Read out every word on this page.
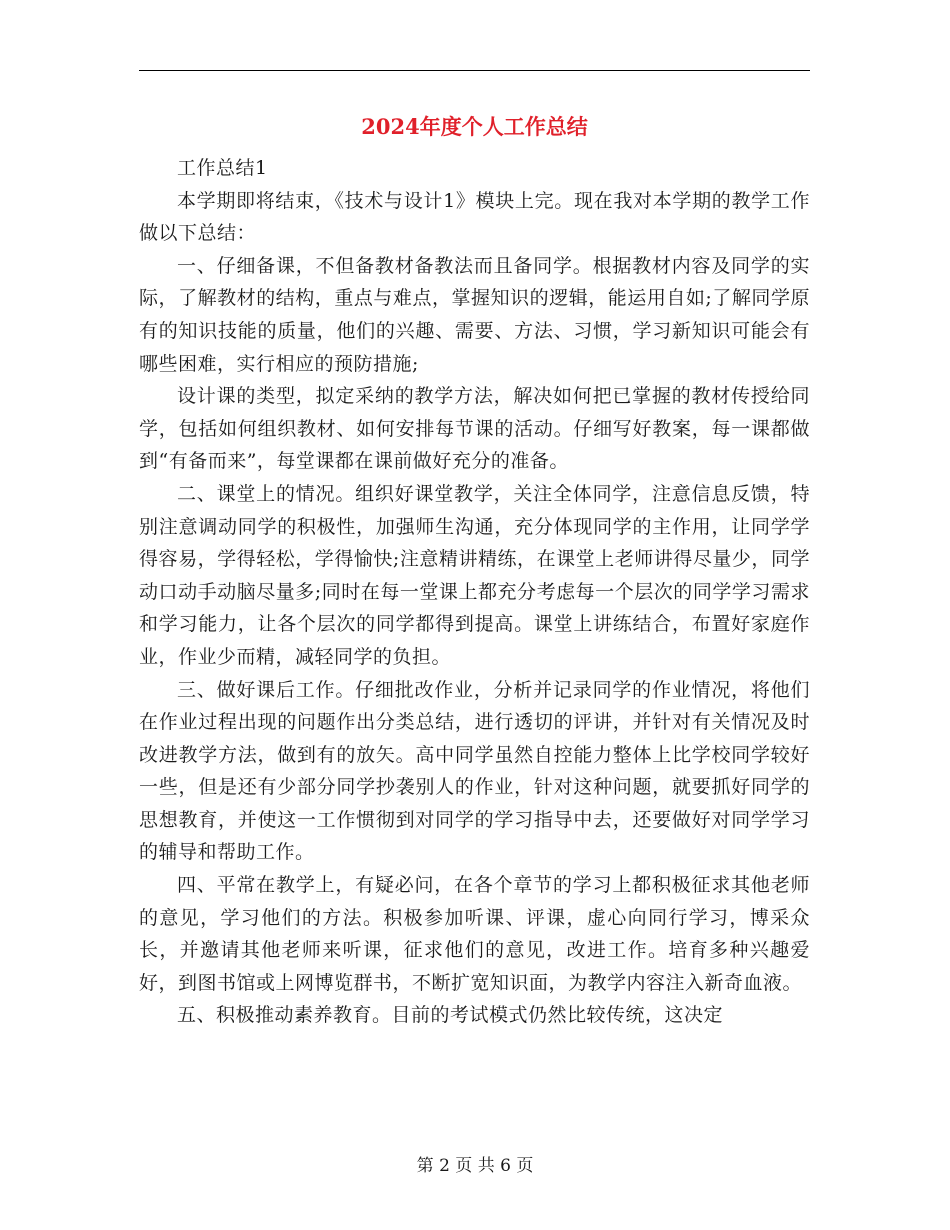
2024年度个人工作总结

工作总结1

本学期即将结束，《技术与设计1》模块上完。现在我对本学期的教学工作做以下总结：

一、仔细备课，不但备教材备教法而且备同学。根据教材内容及同学的实际，了解教材的结构，重点与难点，掌握知识的逻辑，能运用自如;了解同学原有的知识技能的质量，他们的兴趣、需要、方法、习惯，学习新知识可能会有哪些困难，实行相应的预防措施;

设计课的类型，拟定采纳的教学方法，解决如何把已掌握的教材传授给同学，包括如何组织教材、如何安排每节课的活动。仔细写好教案，每一课都做到“有备而来”，每堂课都在课前做好充分的准备。

二、课堂上的情况。组织好课堂教学，关注全体同学，注意信息反馈，特别注意调动同学的积极性，加强师生沟通，充分体现同学的主作用，让同学学得容易，学得轻松，学得愉快;注意精讲精练，在课堂上老师讲得尽量少，同学动口动手动脑尽量多;同时在每一堂课上都充分考虑每一个层次的同学学习需求和学习能力，让各个层次的同学都得到提高。课堂上讲练结合，布置好家庭作业，作业少而精，减轻同学的负担。

三、做好课后工作。仔细批改作业，分析并记录同学的作业情况，将他们在作业过程出现的问题作出分类总结，进行透切的评讲，并针对有关情况及时改进教学方法，做到有的放矢。高中同学虽然自控能力整体上比学校同学较好一些，但是还有少部分同学抄袭别人的作业，针对这种问题，就要抓好同学的思想教育，并使这一工作惯彻到对同学的学习指导中去，还要做好对同学学习的辅导和帮助工作。

四、平常在教学上，有疑必问，在各个章节的学习上都积极征求其他老师的意见，学习他们的方法。积极参加听课、评课，虚心向同行学习，博采众长，并邀请其他老师来听课，征求他们的意见，改进工作。培育多种兴趣爱好，到图书馆或上网博览群书，不断扩宽知识面，为教学内容注入新奇血液。

五、积极推动素养教育。目前的考试模式仍然比较传统，这决定

第 2 页 共 6 页
